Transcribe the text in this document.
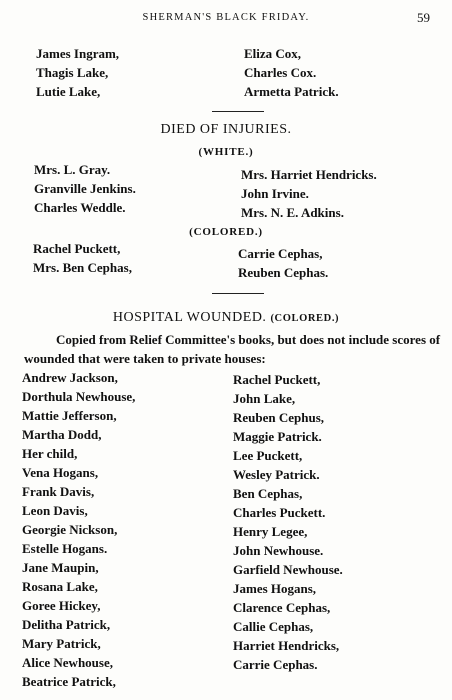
SHERMAN'S BLACK FRIDAY.	59
James Ingram,
Thagis Lake,
Lutie Lake,
Eliza Cox,
Charles Cox.
Armetta Patrick.
DIED OF INJURIES.
(WHITE.)
Mrs. L. Gray.
Granville Jenkins.
Charles Weddle.
Mrs. Harriet Hendricks.
John Irvine.
Mrs. N. E. Adkins.
(COLORED.)
Rachel Puckett,
Mrs. Ben Cephas,
Carrie Cephas,
Reuben Cephas.
HOSPITAL WOUNDED. (COLORED.)
Copied from Relief Committee's books, but does not include scores of wounded that were taken to private houses:
Andrew Jackson,
Dorthula Newhouse,
Mattie Jefferson,
Martha Dodd,
Her child,
Vena Hogans,
Frank Davis,
Leon Davis,
Georgie Nickson,
Estelle Hogans.
Jane Maupin,
Rosana Lake,
Goree Hickey,
Delitha Patrick,
Mary Patrick,
Alice Newhouse,
Beatrice Patrick,
Rachel Puckett,
John Lake,
Reuben Cephus,
Maggie Patrick.
Lee Puckett,
Wesley Patrick.
Ben Cephas,
Charles Puckett.
Henry Legee,
John Newhouse.
Garfield Newhouse.
James Hogans,
Clarence Cephas,
Callie Cephas,
Harriet Hendricks,
Carrie Cephas.
